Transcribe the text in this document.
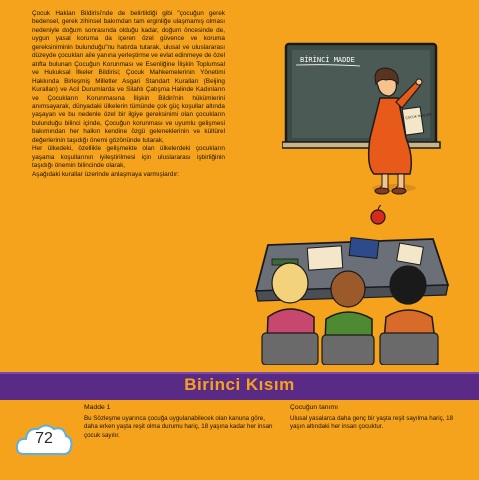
Çocuk Hakları Bildirisi'nde de belirtildiği gibi "çocuğun gerek bedensel, gerek zihinsel bakımdan tam erginliğe ulaşmamış olması nedeniyle doğum sonrasında olduğu kadar, doğum öncesinde de, uygun yasal koruma da içeren özel güvence ve koruma gereksiniminin bulunduğu"nu hatırda tutarak, ulusal ve uluslararası düzeyde çocukları aile yanına yerleştirme ve evlat edinmeye de özel atıfta bulunan Çocuğun Korunması ve Esenliğine İlişkin Toplumsal ve Hukuksal İlkeler Bildirisi; Çocuk Mahkemelerinin Yönetimi Hakkında Birleşmiş Milletler Asgari Standart Kuralları (Beijing Kuralları) ve Acil Durumlarda ve Silahlı Çatışma Halinde Kadınların ve Çocukların Korunmasına İlişkin Bildiri'nin hükümlerini anımsayarak, dünyadaki ülkelerin tümünde çok güç koşullar altında yaşayan ve bu nedenle özel bir ilgiye gereksinimi olan çocukların bulunduğu bilinci içinde, Çocuğun korunması ve uyumlu gelişmesi bakımından her halkın kendine özgü geleneklerinin ve kültürel değerlerinin taşıdığı önemi gözönünde tutarak,

Her ülkedeki, özellikle gelişmekte olan ülkelerdeki çocukların yaşama koşullarının iyileştirilmesi için uluslararası işbirliğinin taşıdığı önemin bilincinde olarak,

Aşağıdaki kurallar üzerinde anlaşmaya varmışlardır:

BİRİNCİ MADDE
ÇOCUK HAKLARI
Birinci Kısım
Madde 1

Bu Sözleşme uyarınca çocuğa uygulanabilecek olan kanuna göre, daha erken yaşta reşit olma durumu hariç, 18 yaşına kadar her insan çocuk sayılır.

Çocuğun tanımı

Ulusal yasalarca daha genç bir yaşta reşit sayılma hariç, 18 yaşın altındaki her insan çocuktur.

72
